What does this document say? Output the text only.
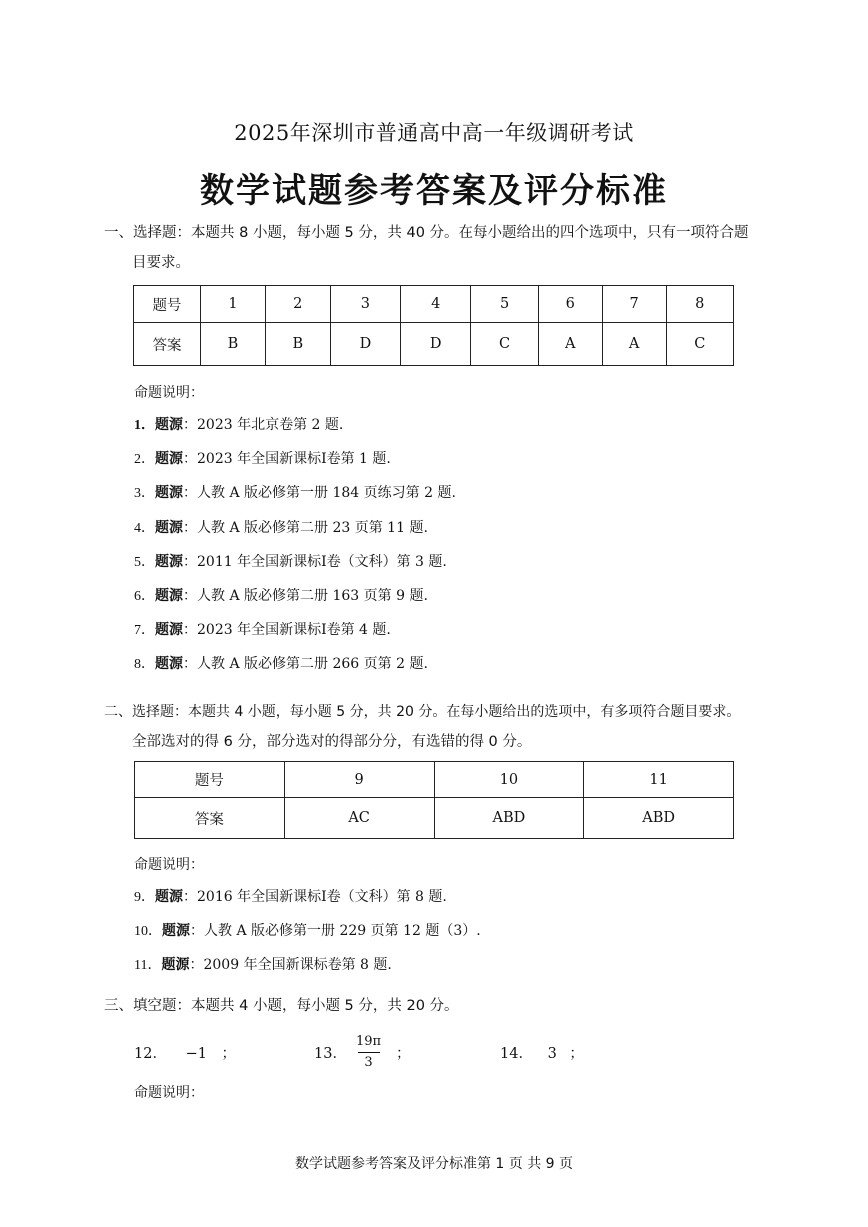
2025年深圳市普通高中高一年级调研考试
数学试题参考答案及评分标准
一、选择题：本题共 8 小题，每小题 5 分，共 40 分。在每小题给出的四个选项中，只有一项符合题
目要求。
题号	1	2	3	4	5	6	7	8
答案	B	B	D	D	C	A	A	C
命题说明：
1．题源：2023 年北京卷第 2 题.
2．题源：2023 年全国新课标Ⅰ卷第 1 题.
3．题源：人教 A 版必修第一册 184 页练习第 2 题.
4．题源：人教 A 版必修第二册 23 页第 11 题.
5．题源：2011 年全国新课标Ⅰ卷（文科）第 3 题.
6．题源：人教 A 版必修第二册 163 页第 9 题.
7．题源：2023 年全国新课标Ⅰ卷第 4 题.
8．题源：人教 A 版必修第二册 266 页第 2 题.
二、选择题：本题共 4 小题，每小题 5 分，共 20 分。在每小题给出的选项中，有多项符合题目要求。
全部选对的得 6 分，部分选对的得部分分，有选错的得 0 分。
题号	9	10	11
答案	AC	ABD	ABD
命题说明：
9．题源：2016 年全国新课标Ⅰ卷（文科）第 8 题.
10．题源：人教 A 版必修第一册 229 页第 12 题（3）.
11．题源：2009 年全国新课标卷第 8 题.
三、填空题：本题共 4 小题，每小题 5 分，共 20 分。
12． −1 ；	13．
19π
3
；	14． 3 ；
命题说明：
数学试题参考答案及评分标准第 1 页 共 9 页
